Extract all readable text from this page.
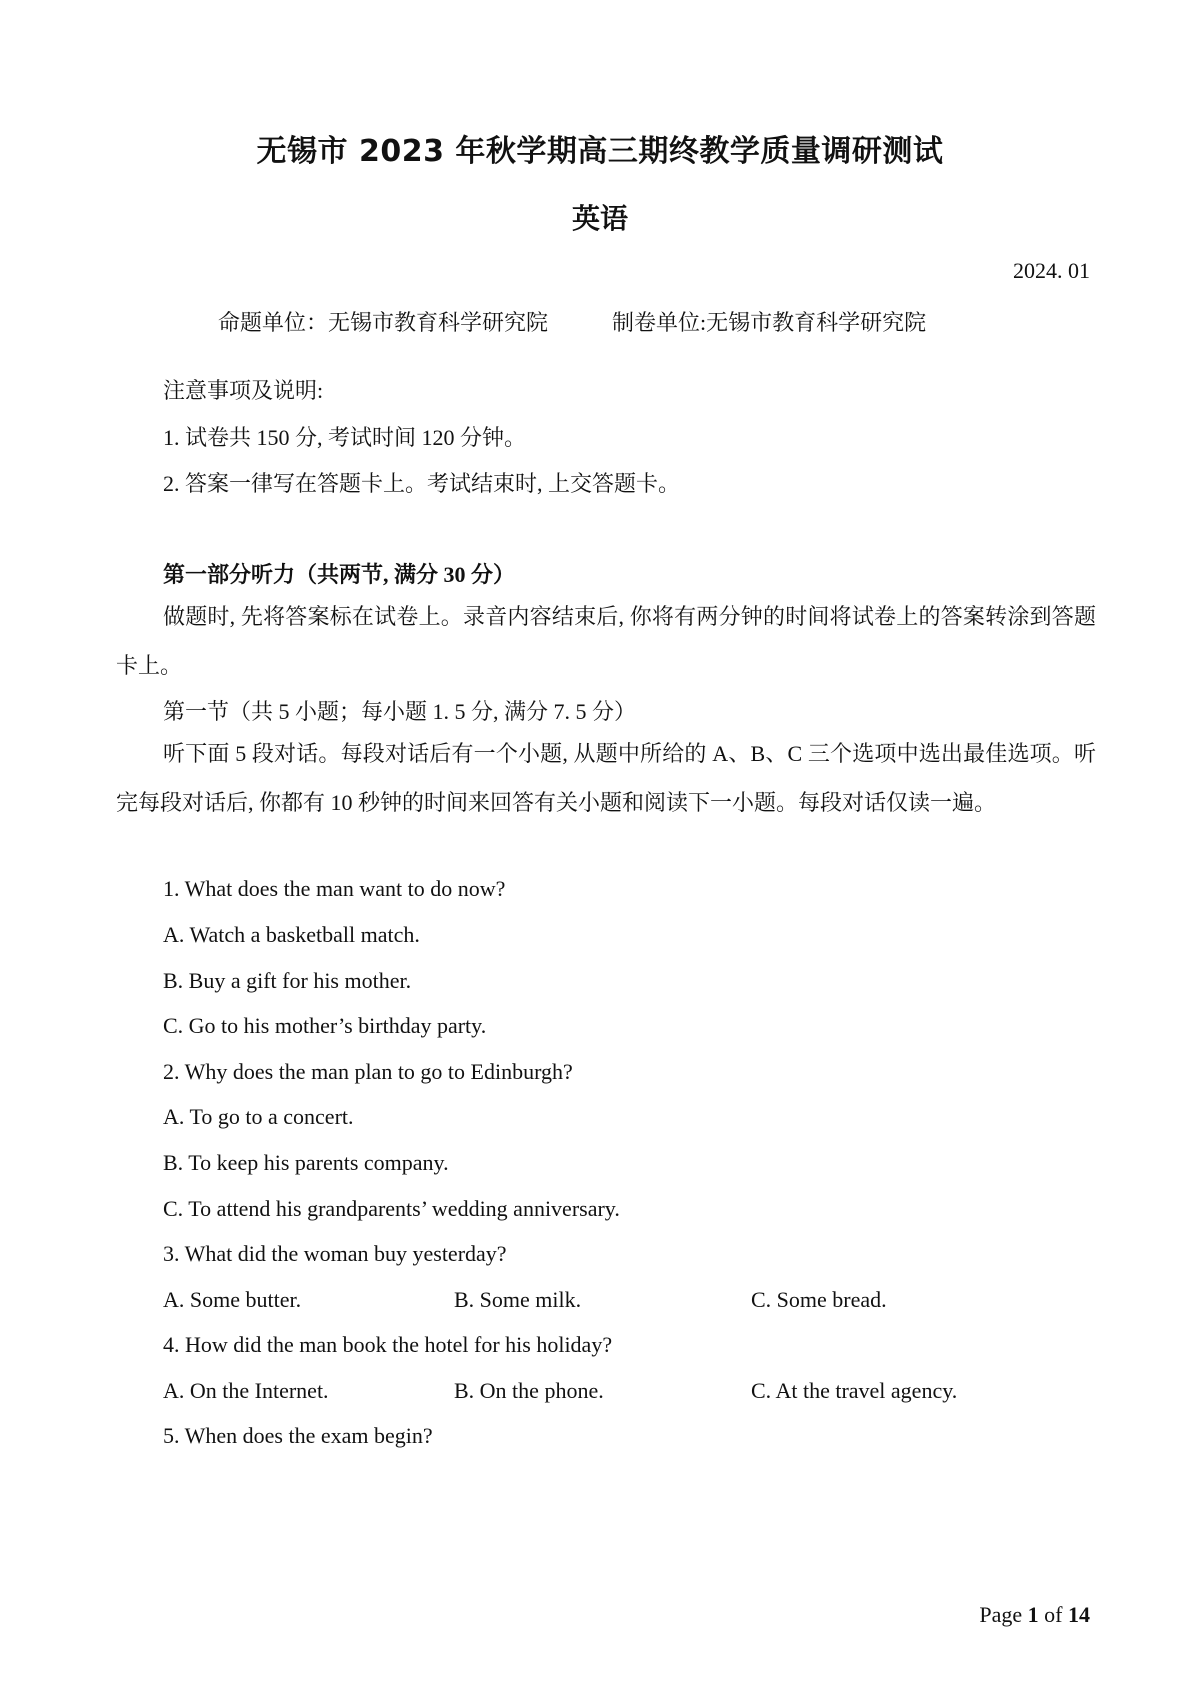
无锡市 2023 年秋学期高三期终教学质量调研测试
英语
2024. 01
命题单位：无锡市教育科学研究院	制卷单位:无锡市教育科学研究院
注意事项及说明:
1. 试卷共 150 分, 考试时间 120 分钟。
2. 答案一律写在答题卡上。考试结束时, 上交答题卡。
第一部分听力（共两节, 满分 30 分）
做题时, 先将答案标在试卷上。录音内容结束后, 你将有两分钟的时间将试卷上的答案转涂到答题卡上。
第一节（共 5 小题；每小题 1. 5 分, 满分 7. 5 分）
听下面 5 段对话。每段对话后有一个小题, 从题中所给的 A、B、C 三个选项中选出最佳选项。听完每段对话后, 你都有 10 秒钟的时间来回答有关小题和阅读下一小题。每段对话仅读一遍。
1. What does the man want to do now?
A. Watch a basketball match.
B. Buy a gift for his mother.
C. Go to his mother’s birthday party.
2. Why does the man plan to go to Edinburgh?
A. To go to a concert.
B. To keep his parents company.
C. To attend his grandparents’ wedding anniversary.
3. What did the woman buy yesterday?
A. Some butter.	B. Some milk.	C. Some bread.
4. How did the man book the hotel for his holiday?
A. On the Internet.	B. On the phone.	C. At the travel agency.
5. When does the exam begin?
Page 1 of 14
